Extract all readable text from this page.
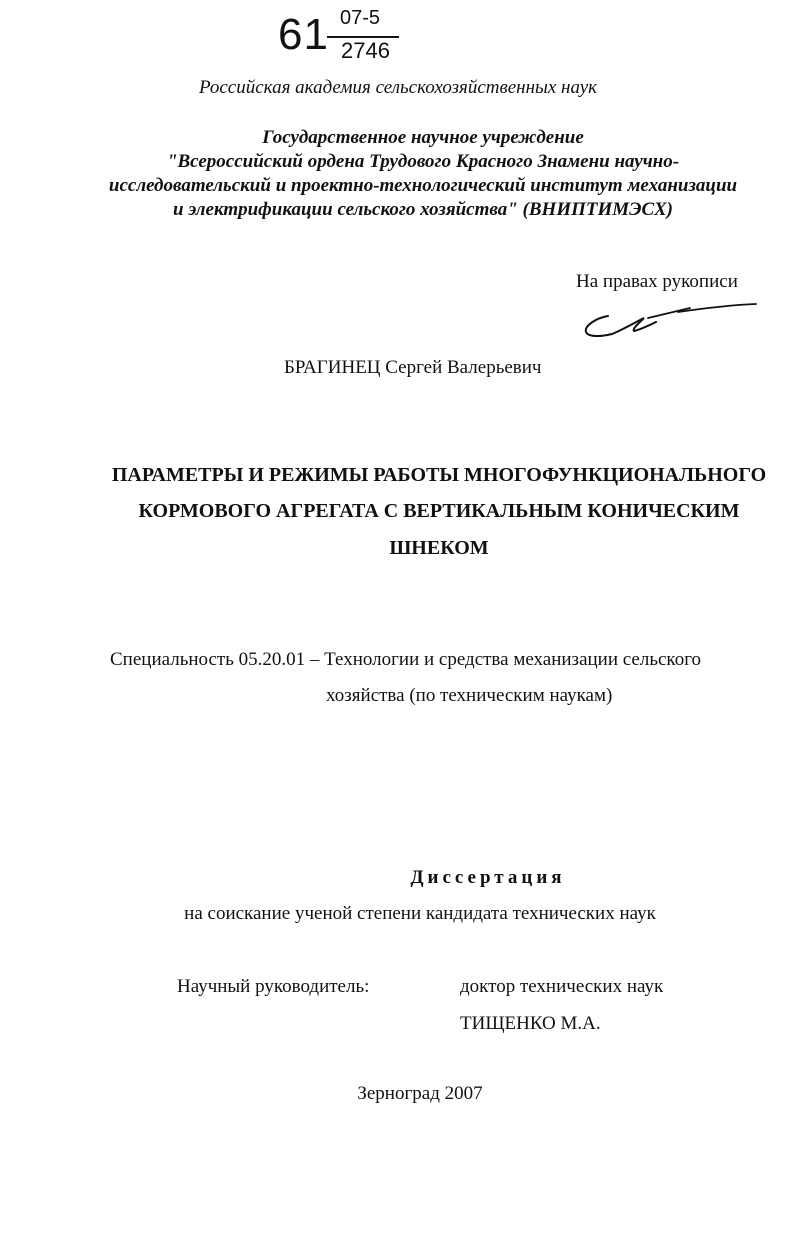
61 07-5
2746
Российская академия сельскохозяйственных наук
Государственное научное учреждение
"Всероссийский ордена Трудового Красного Знамени научно-
исследовательский и проектно-технологический институт механизации
и электрификации сельского хозяйства" (ВНИПТИМЭСХ)
На правах рукописи
БРАГИНЕЦ Сергей Валерьевич
ПАРАМЕТРЫ И РЕЖИМЫ РАБОТЫ МНОГОФУНКЦИОНАЛЬНОГО
КОРМОВОГО АГРЕГАТА С ВЕРТИКАЛЬНЫМ КОНИЧЕСКИМ
ШНЕКОМ
Специальность 05.20.01 – Технологии и средства механизации сельского
хозяйства (по техническим наукам)
Диссертация
на соискание ученой степени кандидата технических наук
Научный руководитель:	доктор технических наук
ТИЩЕНКО М.А.
Зерноград 2007
